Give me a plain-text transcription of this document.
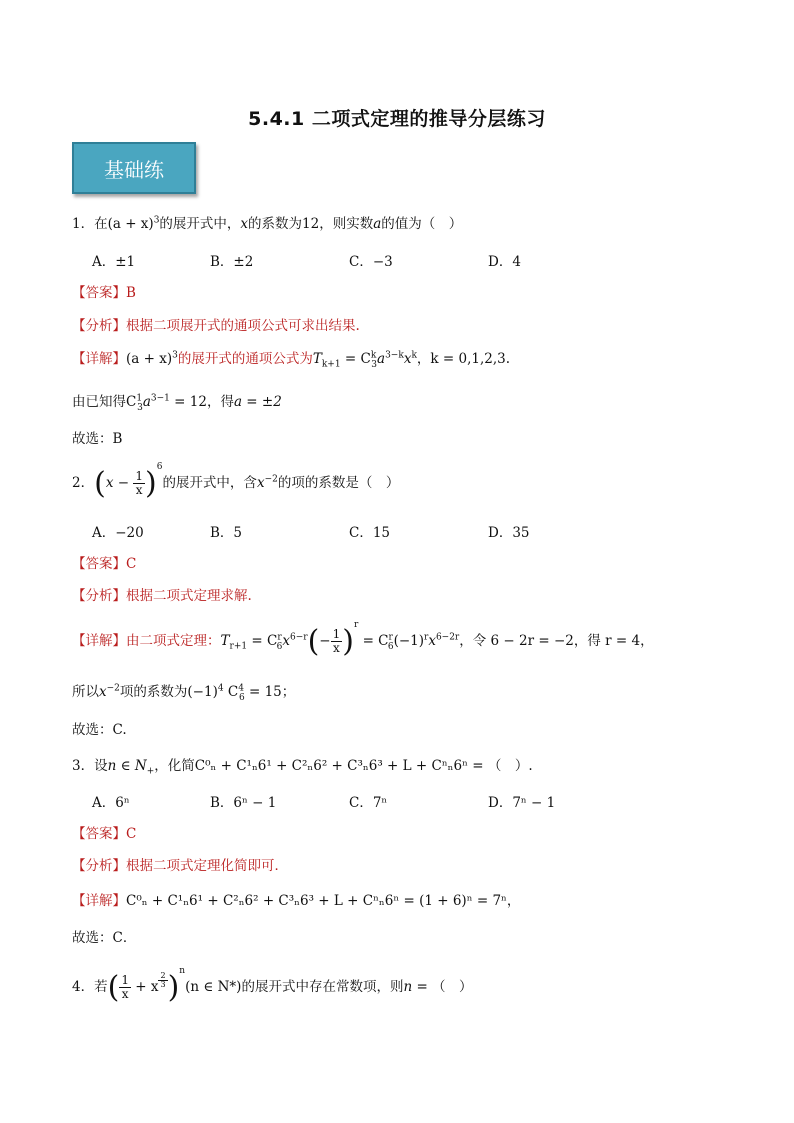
5.4.1 二项式定理的推导分层练习
基础练
1．在$(a + x)^3$的展开式中，x的系数为12，则实数a的值为（　）
A．±1	B．±2	C．−3	D．4
【答案】B
【分析】根据二项展开式的通项公式可求出结果.
【详解】$(a + x)^3$的展开式的通项公式为$T_{k+1} = C^k_3a^{3-k}x^k$，k = 0,1,2,3.
由已知得$C^1_3a^{3-1} = 12$，得a = ±2
故选：B
2．$(x - \frac{1}{x} )^6$的展开式中，含$x^{-2}$的项的系数是（　）
A．−20	B．5	C．15	D．35
【答案】C
【分析】根据二项式定理求解.
【详解】由二项式定理：$T_{r+1} = C^r_6x^{6-r}(- \frac{1}{x} )^r = C^r_6(-1)^rx^{6-2r}$，令 6 − 2r = −2，得 r = 4，
所以$x^{-2}$项的系数为$(-1)^4$ $C^4_6 = 15$；
故选：C.
3．设n ∈ $N_+$，化简C⁰ₙ + C¹ₙ6¹ + C²ₙ6² + C³ₙ6³ + L + Cⁿₙ6ⁿ = （　）.
A．6ⁿ	B．6ⁿ − 1	C．7ⁿ	D．7ⁿ − 1
【答案】C
【分析】根据二项式定理化简即可．
【详解】C⁰ₙ + C¹ₙ6¹ + C²ₙ6² + C³ₙ6³ + L + Cⁿₙ6ⁿ = (1 + 6)ⁿ = 7ⁿ，
故选：C．
4．若( $\frac{1}{x} + x$ $^{\frac{2}{3}}$ )$^n$(n ∈ N*)的展开式中存在常数项，则n = （　）
